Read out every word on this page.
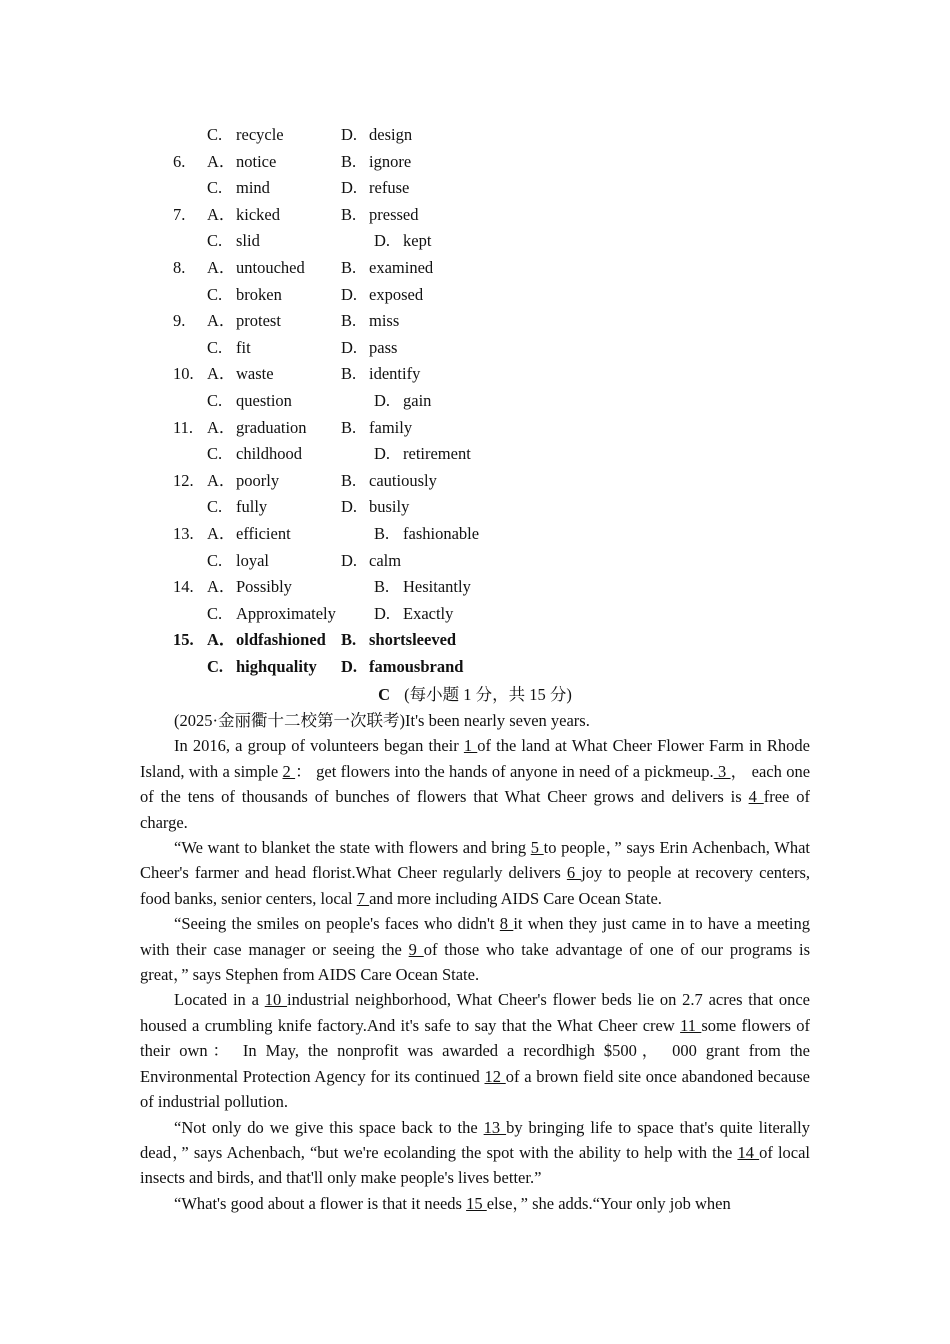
C. recycle	D. design
6. A． notice	B. ignore
C. mind	D. refuse
7. A． kicked	B. pressed
C. slid	D. kept
8. A． untouched B. examined
C. broken	D. exposed
9. A． protest	B. miss
C. fit	D. pass
10. A． waste	B. identify
C. question	D. gain
11. A． graduation B. family
C. childhood	D. retirement
12. A． poorly	B. cautiously
C. fully	D. busily
13. A． efficient	B. fashionable
C. loyal	D. calm
14. A． Possibly	B. Hesitantly
C. Approximately D. Exactly
15. A． oldfashioned B. shortsleeved
C. highquality D. famousbrand
C (每小题 1 分，共 15 分)

(2025·金丽衢十二校第一次联考)It's been nearly seven years.

In 2016, a group of volunteers began their 1 of the land at What Cheer Flower Farm in Rhode Island, with a simple 2 ： get flowers into the hands of anyone in need of a pickmeup. 3 ， each one of the tens of thousands of bunches of flowers that What Cheer grows and delivers is 4 free of charge.

“We want to blanket the state with flowers and bring 5 to people，” says Erin Achenbach, What Cheer's farmer and head florist.What Cheer regularly delivers 6 joy to people at recovery centers, food banks, senior centers, local 7 and more including AIDS Care Ocean State.

“Seeing the smiles on people's faces who didn't 8 it when they just came in to have a meeting with their case manager or seeing the 9 of those who take advantage of one of our programs is great，” says Stephen from AIDS Care Ocean State.

Located in a 10 industrial neighborhood, What Cheer's flower beds lie on 2.7 acres that once housed a crumbling knife factory.And it's safe to say that the What Cheer crew 11 some flowers of their own： In May, the nonprofit was awarded a recordhigh $500， 000 grant from the Environmental Protection Agency for its continued 12 of a brown field site once abandoned because of industrial pollution.

“Not only do we give this space back to the 13 by bringing life to space that's quite literally dead，” says Achenbach, “but we're ecolanding the spot with the ability to help with the 14 of local insects and birds, and that'll only make people's lives better.”

“What's good about a flower is that it needs 15 else，” she adds.“Your only job when
